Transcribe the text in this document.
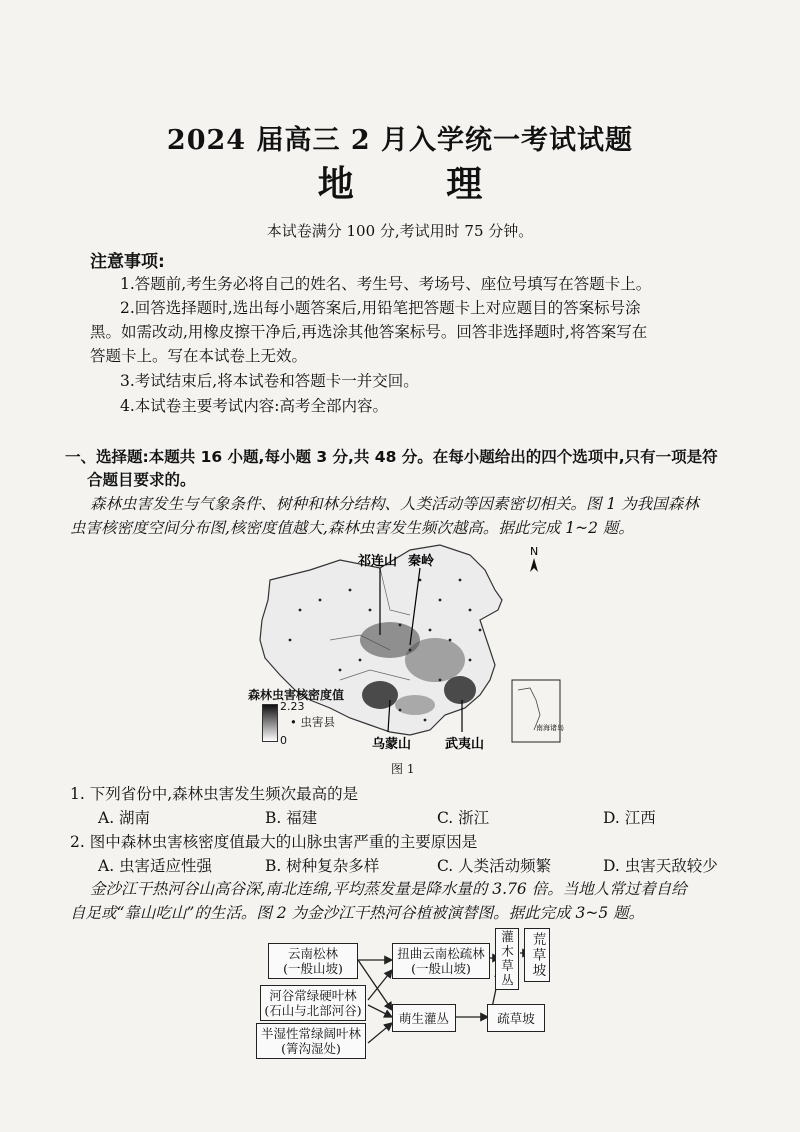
2024 届高三 2 月入学统一考试试题
地 理
本试卷满分 100 分,考试用时 75 分钟。
注意事项:
1.答题前,考生务必将自己的姓名、考生号、考场号、座位号填写在答题卡上。
2.回答选择题时,选出每小题答案后,用铅笔把答题卡上对应题目的答案标号涂
黑。如需改动,用橡皮擦干净后,再选涂其他答案标号。回答非选择题时,将答案写在
答题卡上。写在本试卷上无效。
3.考试结束后,将本试卷和答题卡一并交回。
4.本试卷主要考试内容:高考全部内容。
一、选择题:本题共 16 小题,每小题 3 分,共 48 分。在每小题给出的四个选项中,只有一项是符
合题目要求的。
森林虫害发生与气象条件、树种和林分结构、人类活动等因素密切相关。图 1 为我国森林
虫害核密度空间分布图,核密度值越大,森林虫害发生频次越高。据此完成 1~2 题。
祁连山 秦岭
乌蒙山	武夷山
N
南海诸岛
森林虫害核密度值
2.23
0
• 虫害县
图 1
1. 下列省份中,森林虫害发生频次最高的是
A. 湖南	B. 福建	C. 浙江	D. 江西
2. 图中森林虫害核密度值最大的山脉虫害严重的主要原因是
A. 虫害适应性强	B. 树种复杂多样	C. 人类活动频繁	D. 虫害天敌较少
金沙江干热河谷山高谷深,南北连绵,平均蒸发量是降水量的 3.76 倍。当地人常过着自给
自足或“靠山吃山”的生活。图 2 为金沙江干热河谷植被演替图。据此完成 3~5 题。
云南松林
(一般山坡)
河谷常绿硬叶林
(石山与北部河谷)
半湿性常绿阔叶林
(箐沟湿处)
扭曲云南松疏林
(一般山坡)	灌木草丛	荒草坡
萌生灌丛	疏草坡
